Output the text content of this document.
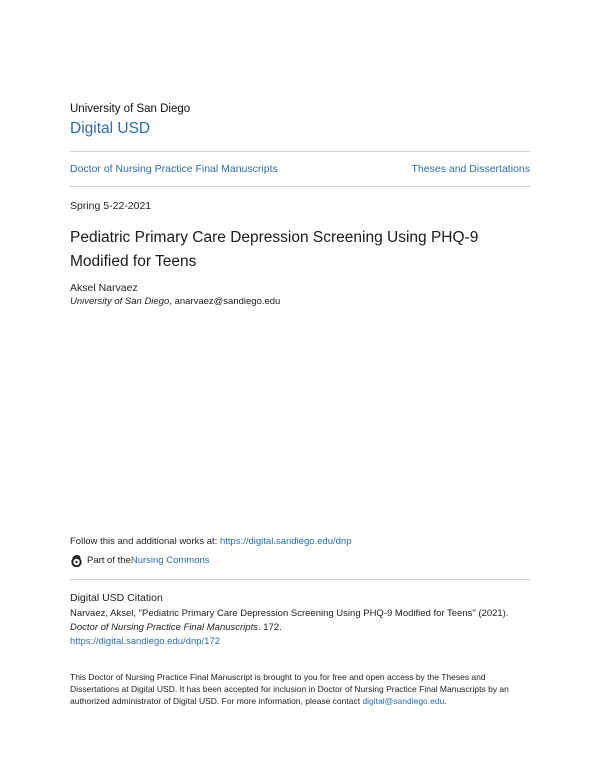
University of San Diego
Digital USD
Doctor of Nursing Practice Final Manuscripts	Theses and Dissertations
Spring 5-22-2021
Pediatric Primary Care Depression Screening Using PHQ-9 Modified for Teens
Aksel Narvaez
University of San Diego, anarvaez@sandiego.edu
Follow this and additional works at: https://digital.sandiego.edu/dnp
Part of the Nursing Commons
Digital USD Citation
Narvaez, Aksel, "Pediatric Primary Care Depression Screening Using PHQ-9 Modified for Teens" (2021).
Doctor of Nursing Practice Final Manuscripts. 172.
https://digital.sandiego.edu/dnp/172
This Doctor of Nursing Practice Final Manuscript is brought to you for free and open access by the Theses and Dissertations at Digital USD. It has been accepted for inclusion in Doctor of Nursing Practice Final Manuscripts by an authorized administrator of Digital USD. For more information, please contact digital@sandiego.edu.
